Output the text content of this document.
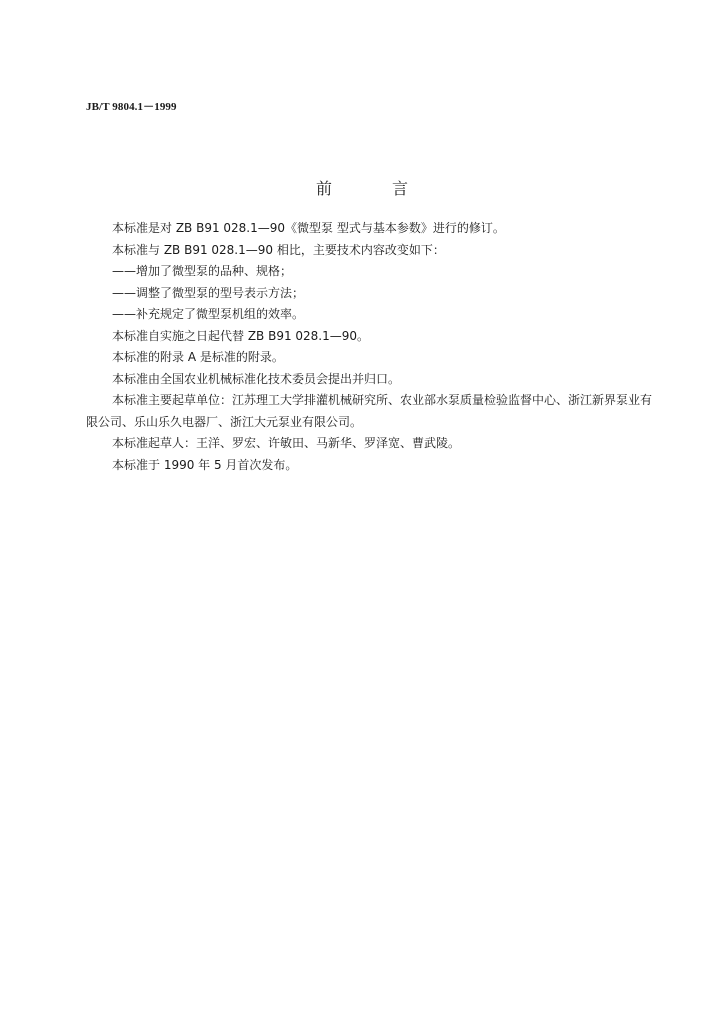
JB/T 9804.1－1999
前　言

本标准是对 ZB B91 028.1—90《微型泵 型式与基本参数》进行的修订。

本标准与 ZB B91 028.1—90 相比，主要技术内容改变如下：

——增加了微型泵的品种、规格；

——调整了微型泵的型号表示方法；

——补充规定了微型泵机组的效率。

本标准自实施之日起代替 ZB B91 028.1—90。

本标准的附录 A 是标准的附录。

本标准由全国农业机械标准化技术委员会提出并归口。

本标准主要起草单位：江苏理工大学排灌机械研究所、农业部水泵质量检验监督中心、浙江新界泵业有限公司、乐山乐久电器厂、浙江大元泵业有限公司。

本标准起草人：王洋、罗宏、许敏田、马新华、罗泽宽、曹武陵。

本标准于 1990 年 5 月首次发布。
